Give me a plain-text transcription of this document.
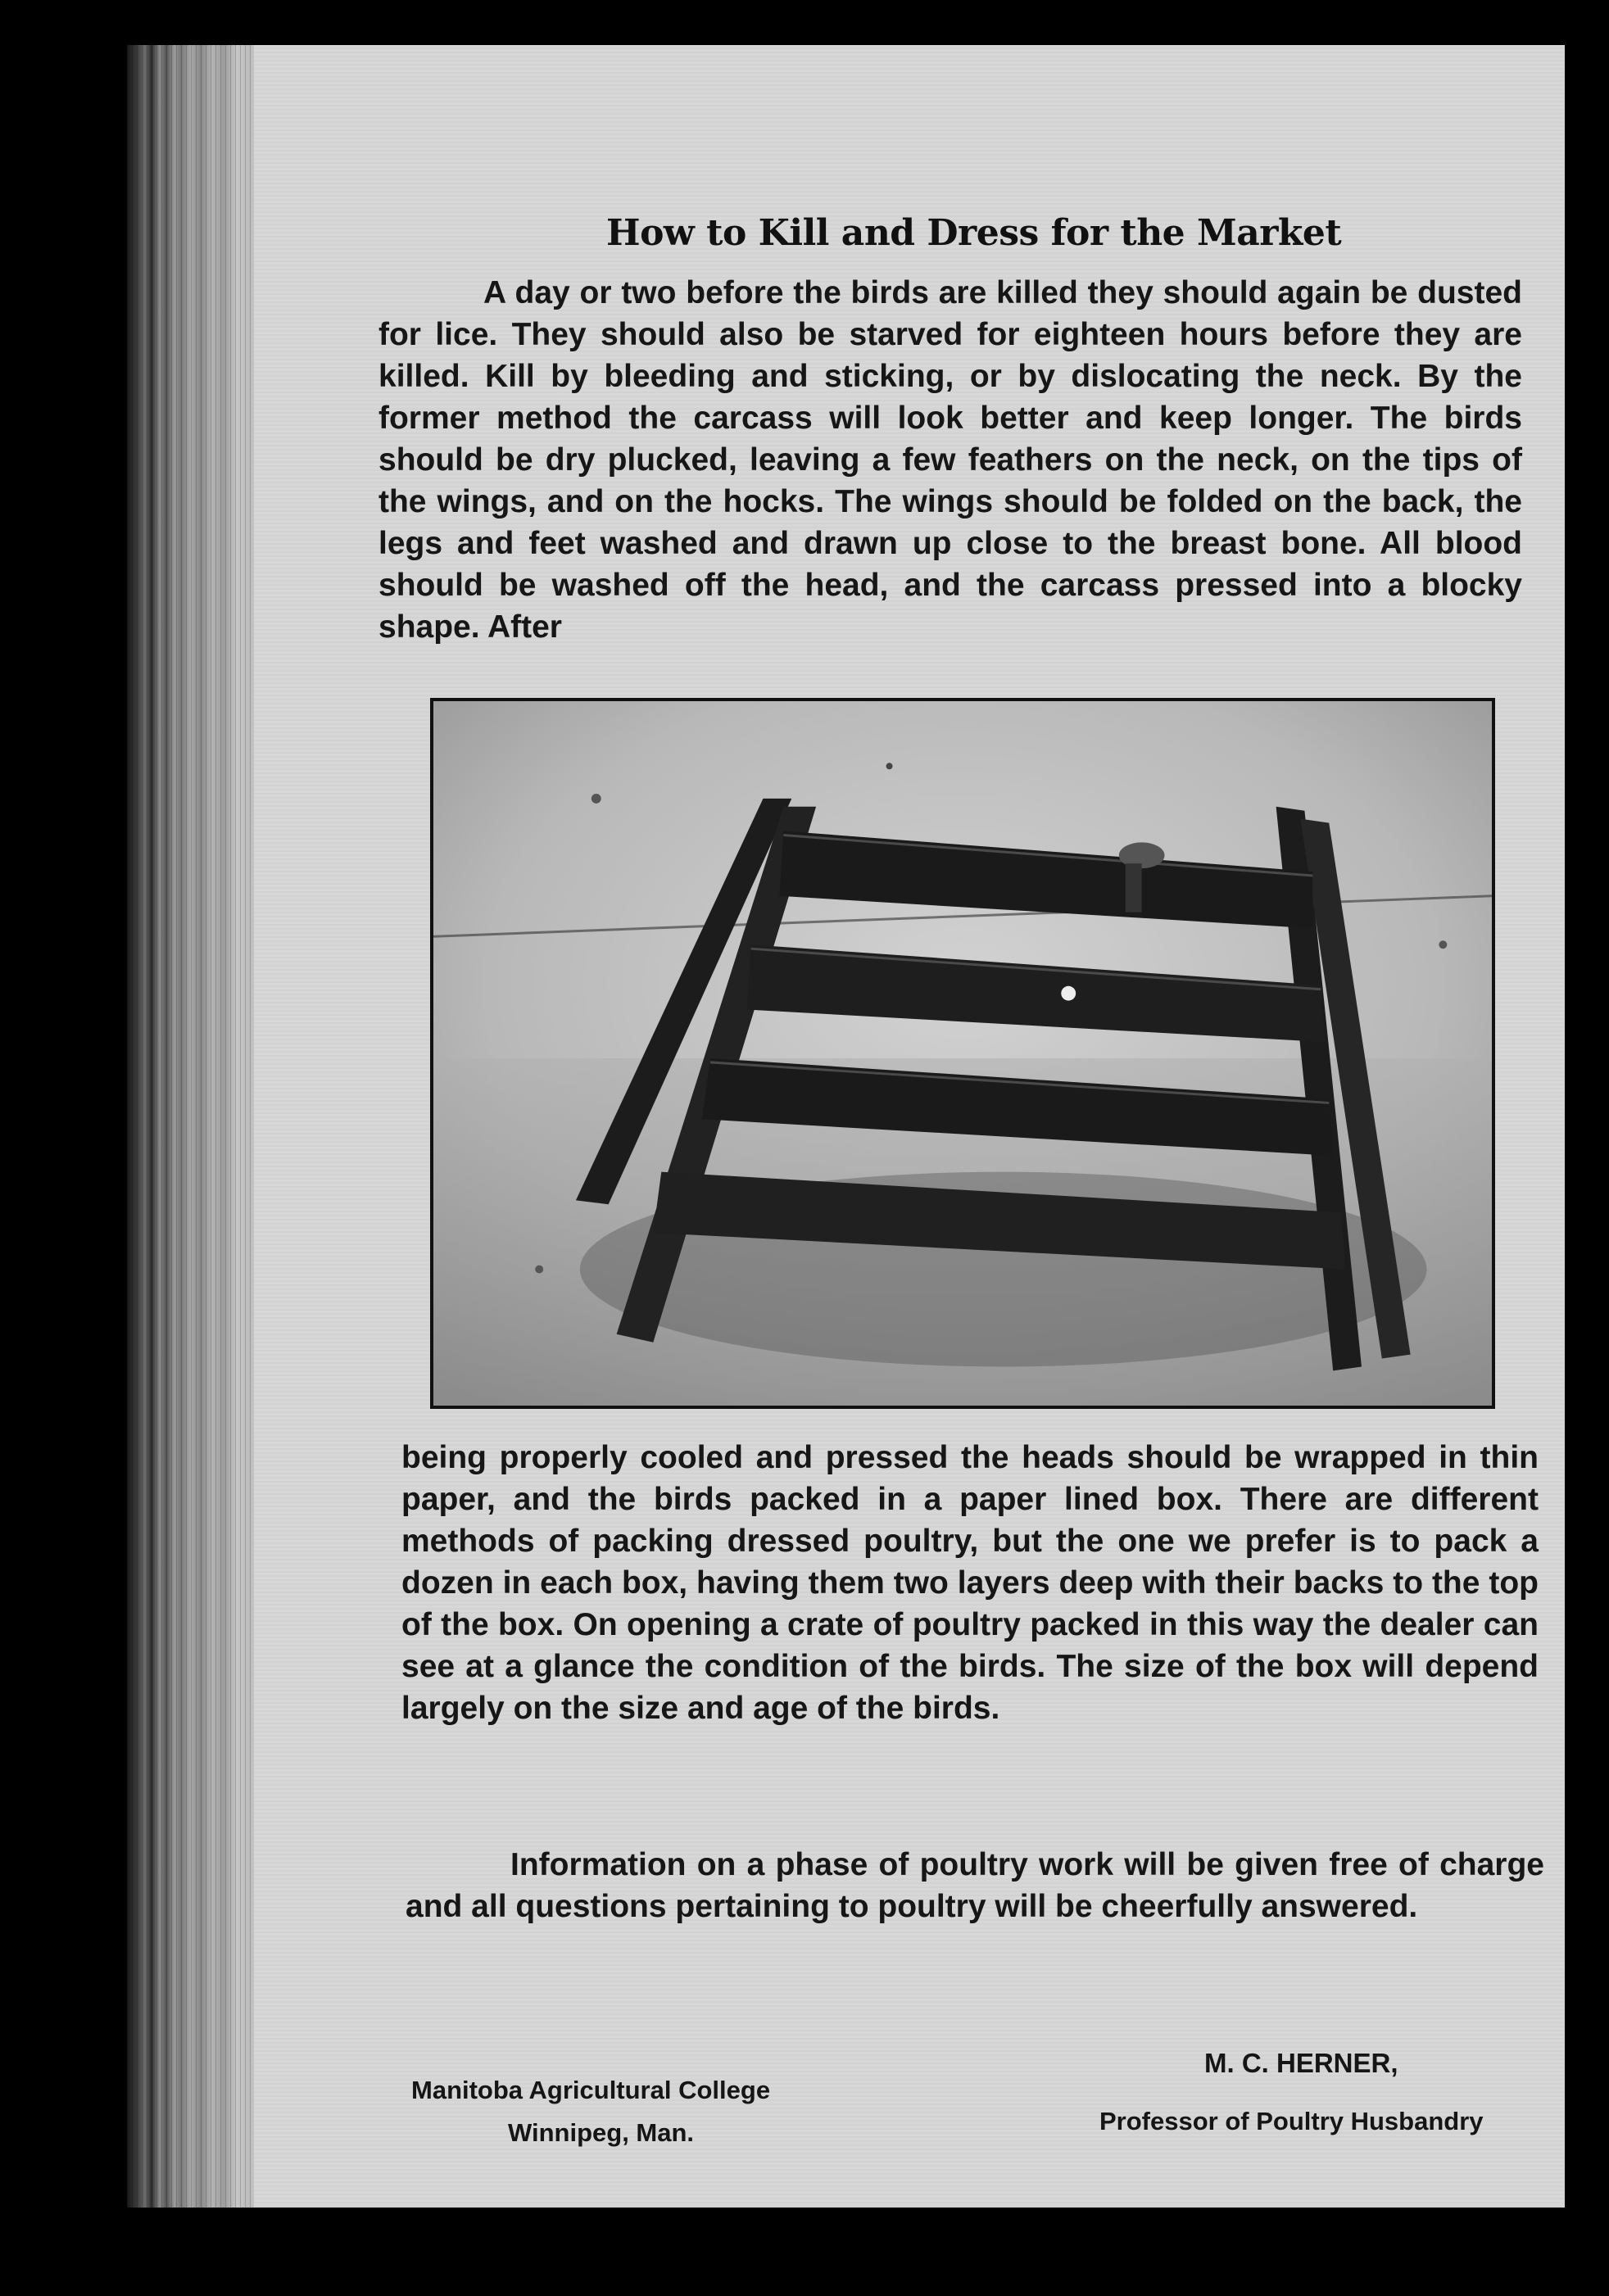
How to Kill and Dress for the Market

A day or two before the birds are killed they should again be dusted for lice. They should also be starved for eighteen hours before they are killed. Kill by bleeding and sticking, or by dislocating the neck. By the former method the carcass will look better and keep longer. The birds should be dry plucked, leaving a few feathers on the neck, on the tips of the wings, and on the hocks. The wings should be folded on the back, the legs and feet washed and drawn up close to the breast bone. All blood should be washed off the head, and the carcass pressed into a blocky shape. After

being properly cooled and pressed the heads should be wrapped in thin paper, and the birds packed in a paper lined box. There are different methods of packing dressed poultry, but the one we prefer is to pack a dozen in each box, having them two layers deep with their backs to the top of the box. On opening a crate of poultry packed in this way the dealer can see at a glance the condition of the birds. The size of the box will depend largely on the size and age of the birds.

Information on a phase of poultry work will be given free of charge and all questions pertaining to poultry will be cheerfully answered.

Manitoba Agricultural College
Winnipeg, Man.
M. C. HERNER,
Professor of Poultry Husbandry
